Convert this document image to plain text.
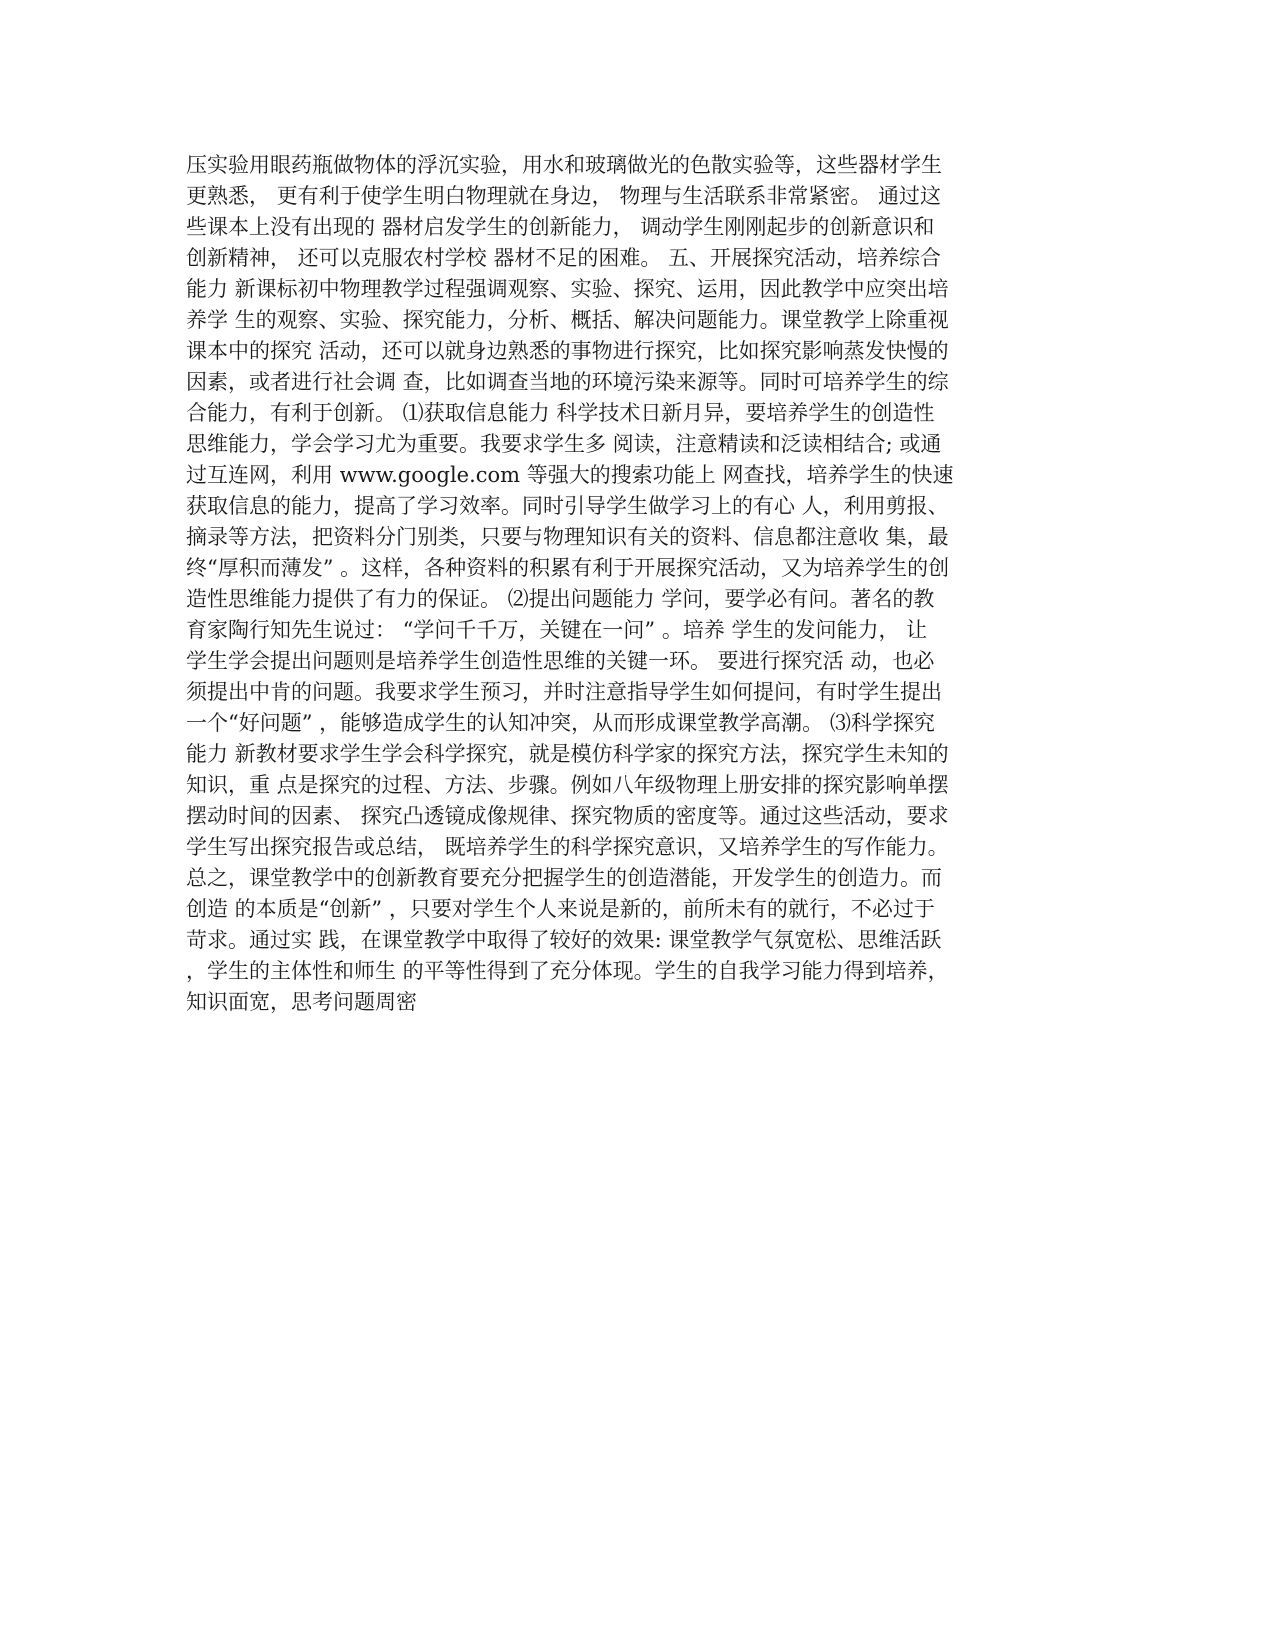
压实验用眼药瓶做物体的浮沉实验，用水和玻璃做光的色散实验等，这些器材学生
更熟悉， 更有利于使学生明白物理就在身边， 物理与生活联系非常紧密。 通过这
些课本上没有出现的 器材启发学生的创新能力， 调动学生刚刚起步的创新意识和
创新精神， 还可以克服农村学校 器材不足的困难。 五、开展探究活动，培养综合
能力 新课标初中物理教学过程强调观察、实验、探究、运用，因此教学中应突出培
养学 生的观察、实验、探究能力，分析、概括、解决问题能力。课堂教学上除重视
课本中的探究 活动，还可以就身边熟悉的事物进行探究，比如探究影响蒸发快慢的
因素，或者进行社会调 查，比如调查当地的环境污染来源等。同时可培养学生的综
合能力，有利于创新。 ⑴获取信息能力 科学技术日新月异，要培养学生的创造性
思维能力，学会学习尤为重要。我要求学生多 阅读，注意精读和泛读相结合; 或通
过互连网，利用 www.google.com 等强大的搜索功能上 网查找，培养学生的快速
获取信息的能力，提高了学习效率。同时引导学生做学习上的有心 人，利用剪报、
摘录等方法，把资料分门别类，只要与物理知识有关的资料、信息都注意收 集，最
终“厚积而薄发” 。这样，各种资料的积累有利于开展探究活动，又为培养学生的创
造性思维能力提供了有力的保证。 ⑵提出问题能力 学问，要学必有问。著名的教
育家陶行知先生说过： “学问千千万，关键在一问” 。培养 学生的发问能力， 让
学生学会提出问题则是培养学生创造性思维的关键一环。 要进行探究活 动，也必
须提出中肯的问题。我要求学生预习，并时注意指导学生如何提问，有时学生提出
一个“好问题” ，能够造成学生的认知冲突，从而形成课堂教学高潮。 ⑶科学探究
能力 新教材要求学生学会科学探究，就是模仿科学家的探究方法，探究学生未知的
知识，重 点是探究的过程、方法、步骤。例如八年级物理上册安排的探究影响单摆
摆动时间的因素、 探究凸透镜成像规律、探究物质的密度等。通过这些活动，要求
学生写出探究报告或总结， 既培养学生的科学探究意识，又培养学生的写作能力。
总之，课堂教学中的创新教育要充分把握学生的创造潜能，开发学生的创造力。而
创造 的本质是“创新” ，只要对学生个人来说是新的，前所未有的就行，不必过于
苛求。通过实 践，在课堂教学中取得了较好的效果: 课堂教学气氛宽松、思维活跃
，学生的主体性和师生 的平等性得到了充分体现。学生的自我学习能力得到培养，
知识面宽，思考问题周密
